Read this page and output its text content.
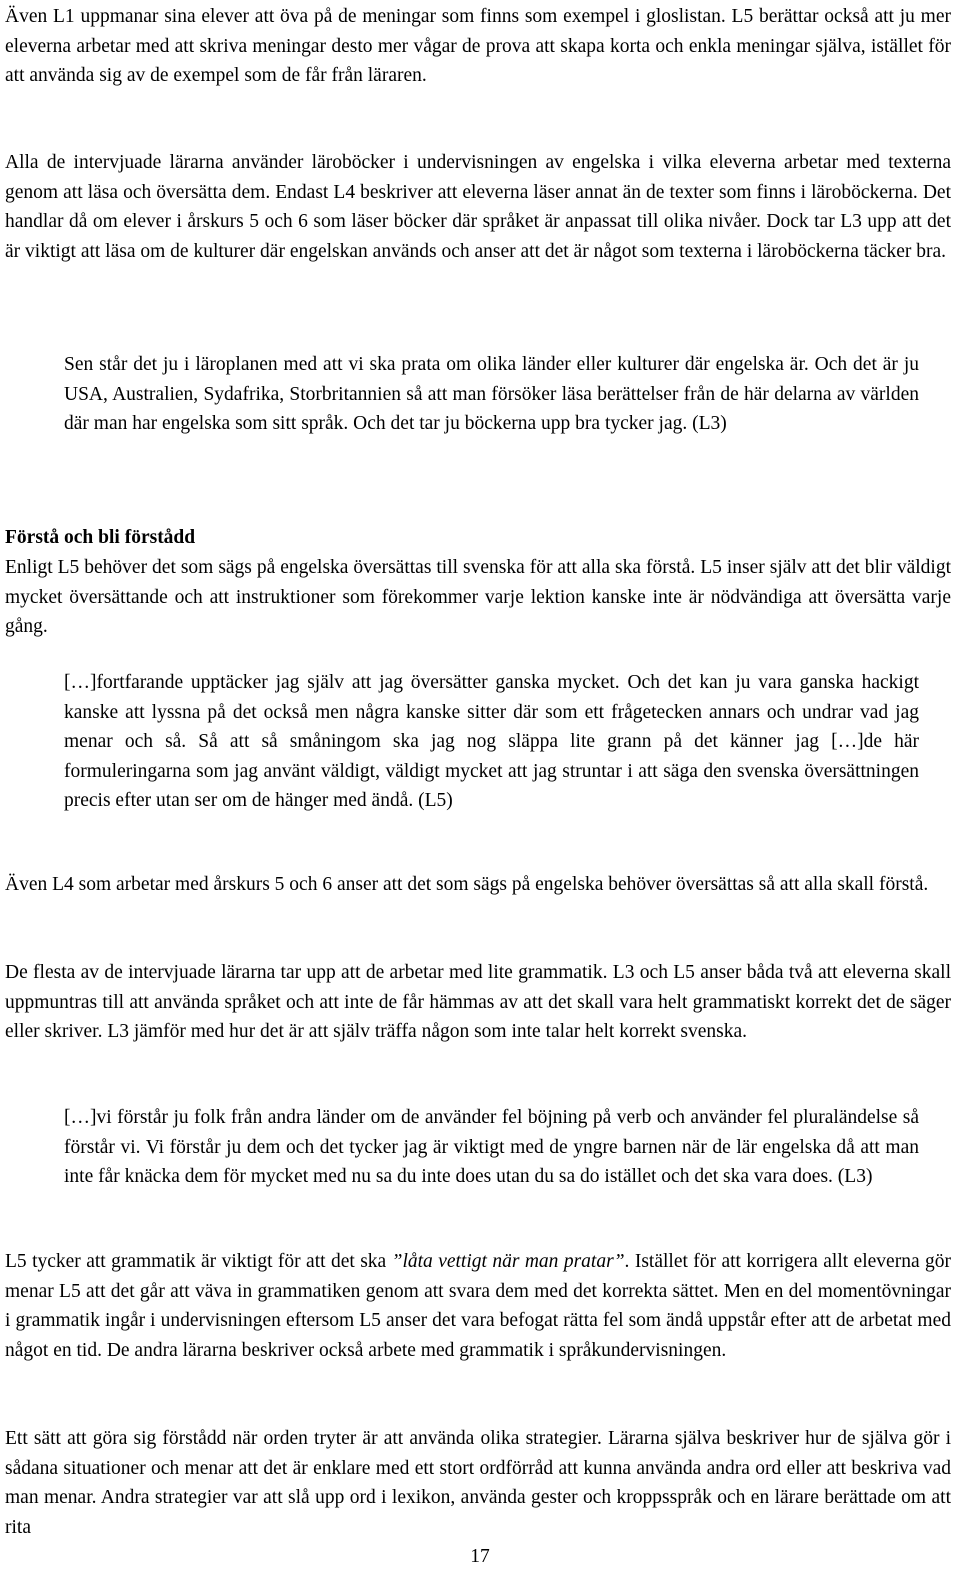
Även L1 uppmanar sina elever att öva på de meningar som finns som exempel i gloslistan. L5 berättar också att ju mer eleverna arbetar med att skriva meningar desto mer vågar de prova att skapa korta och enkla meningar själva, istället för att använda sig av de exempel som de får från läraren.

Alla de intervjuade lärarna använder läroböcker i undervisningen av engelska i vilka eleverna arbetar med texterna genom att läsa och översätta dem. Endast L4 beskriver att eleverna läser annat än de texter som finns i läroböckerna. Det handlar då om elever i årskurs 5 och 6 som läser böcker där språket är anpassat till olika nivåer. Dock tar L3 upp att det är viktigt att läsa om de kulturer där engelskan används och anser att det är något som texterna i läroböckerna täcker bra.

Sen står det ju i läroplanen med att vi ska prata om olika länder eller kulturer där engelska är. Och det är ju USA, Australien, Sydafrika, Storbritannien så att man försöker läsa berättelser från de här delarna av världen där man har engelska som sitt språk. Och det tar ju böckerna upp bra tycker jag. (L3)

Förstå och bli förstådd

Enligt L5 behöver det som sägs på engelska översättas till svenska för att alla ska förstå. L5 inser själv att det blir väldigt mycket översättande och att instruktioner som förekommer varje lektion kanske inte är nödvändiga att översätta varje gång.

[…]fortfarande upptäcker jag själv att jag översätter ganska mycket. Och det kan ju vara ganska hackigt kanske att lyssna på det också men några kanske sitter där som ett frågetecken annars och undrar vad jag menar och så. Så att så småningom ska jag nog släppa lite grann på det känner jag […]de här formuleringarna som jag använt väldigt, väldigt mycket att jag struntar i att säga den svenska översättningen precis efter utan ser om de hänger med ändå. (L5)

Även L4 som arbetar med årskurs 5 och 6 anser att det som sägs på engelska behöver översättas så att alla skall förstå.

De flesta av de intervjuade lärarna tar upp att de arbetar med lite grammatik. L3 och L5 anser båda två att eleverna skall uppmuntras till att använda språket och att inte de får hämmas av att det skall vara helt grammatiskt korrekt det de säger eller skriver. L3 jämför med hur det är att själv träffa någon som inte talar helt korrekt svenska.

[…]vi förstår ju folk från andra länder om de använder fel böjning på verb och använder fel pluraländelse så förstår vi. Vi förstår ju dem och det tycker jag är viktigt med de yngre barnen när de lär engelska då att man inte får knäcka dem för mycket med nu sa du inte does utan du sa do istället och det ska vara does. (L3)

L5 tycker att grammatik är viktigt för att det ska ”låta vettigt när man pratar”. Istället för att korrigera allt eleverna gör menar L5 att det går att väva in grammatiken genom att svara dem med det korrekta sättet. Men en del momentövningar i grammatik ingår i undervisningen eftersom L5 anser det vara befogat rätta fel som ändå uppstår efter att de arbetat med något en tid. De andra lärarna beskriver också arbete med grammatik i språkundervisningen.

Ett sätt att göra sig förstådd när orden tryter är att använda olika strategier. Lärarna själva beskriver hur de själva gör i sådana situationer och menar att det är enklare med ett stort ordförråd att kunna använda andra ord eller att beskriva vad man menar. Andra strategier var att slå upp ord i lexikon, använda gester och kroppsspråk och en lärare berättade om att rita

17
